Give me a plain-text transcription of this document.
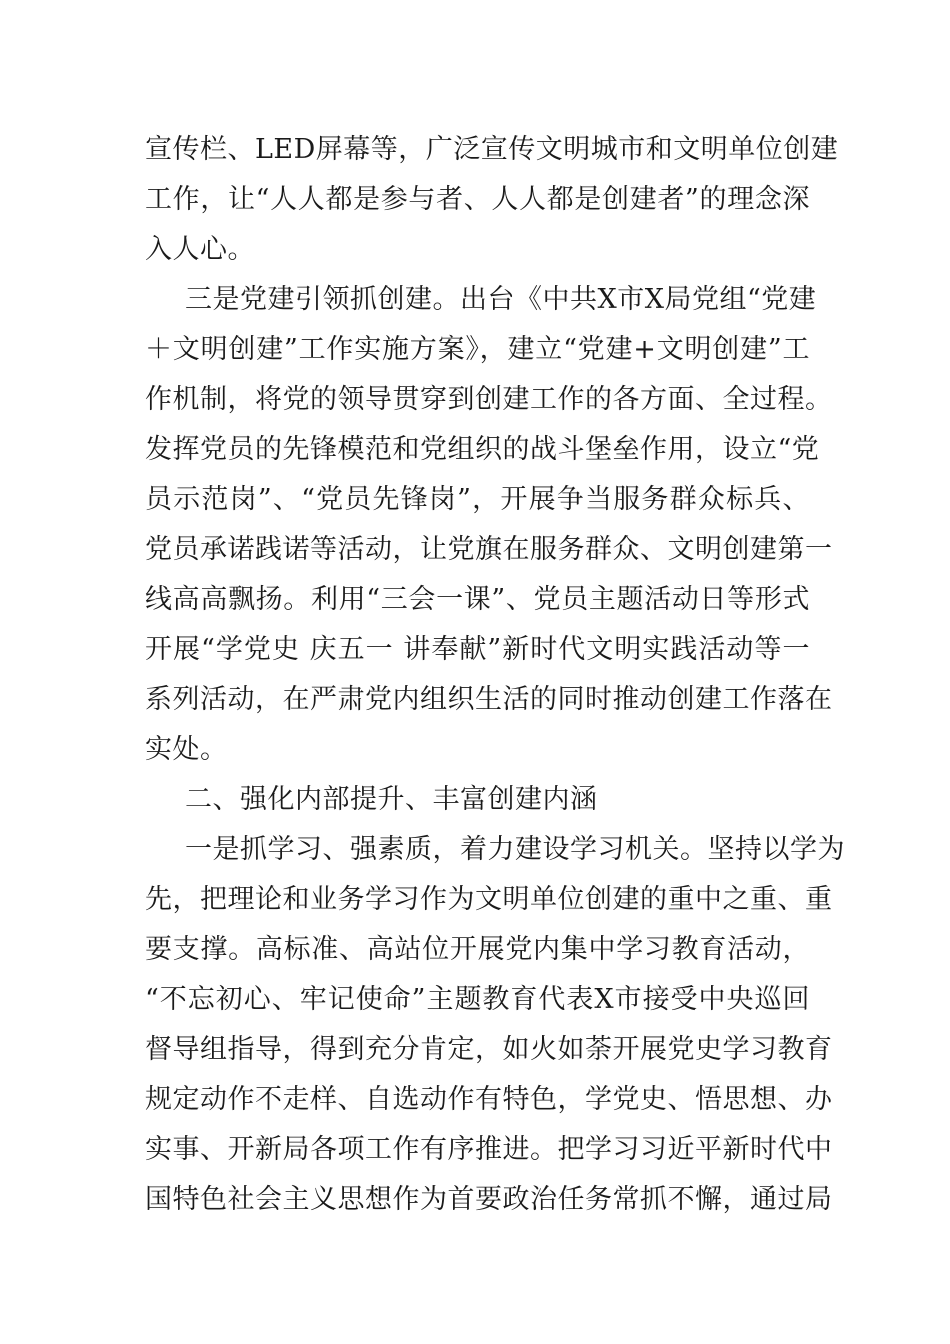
宣传栏、LED屏幕等，广泛宣传文明城市和文明单位创建
工作，让“人人都是参与者、人人都是创建者”的理念深
入人心。
三是党建引领抓创建。出台《中共X市X局党组“党建
＋文明创建”工作实施方案》，建立“党建+文明创建”工
作机制，将党的领导贯穿到创建工作的各方面、全过程。
发挥党员的先锋模范和党组织的战斗堡垒作用，设立“党
员示范岗”、“党员先锋岗”，开展争当服务群众标兵、
党员承诺践诺等活动，让党旗在服务群众、文明创建第一
线高高飘扬。利用“三会一课”、党员主题活动日等形式
开展“学党史 庆五一 讲奉献”新时代文明实践活动等一
系列活动，在严肃党内组织生活的同时推动创建工作落在
实处。
二、强化内部提升、丰富创建内涵
一是抓学习、强素质，着力建设学习机关。坚持以学为
先，把理论和业务学习作为文明单位创建的重中之重、重
要支撑。高标准、高站位开展党内集中学习教育活动，
“不忘初心、牢记使命”主题教育代表X市接受中央巡回
督导组指导，得到充分肯定，如火如荼开展党史学习教育
规定动作不走样、自选动作有特色，学党史、悟思想、办
实事、开新局各项工作有序推进。把学习习近平新时代中
国特色社会主义思想作为首要政治任务常抓不懈，通过局
